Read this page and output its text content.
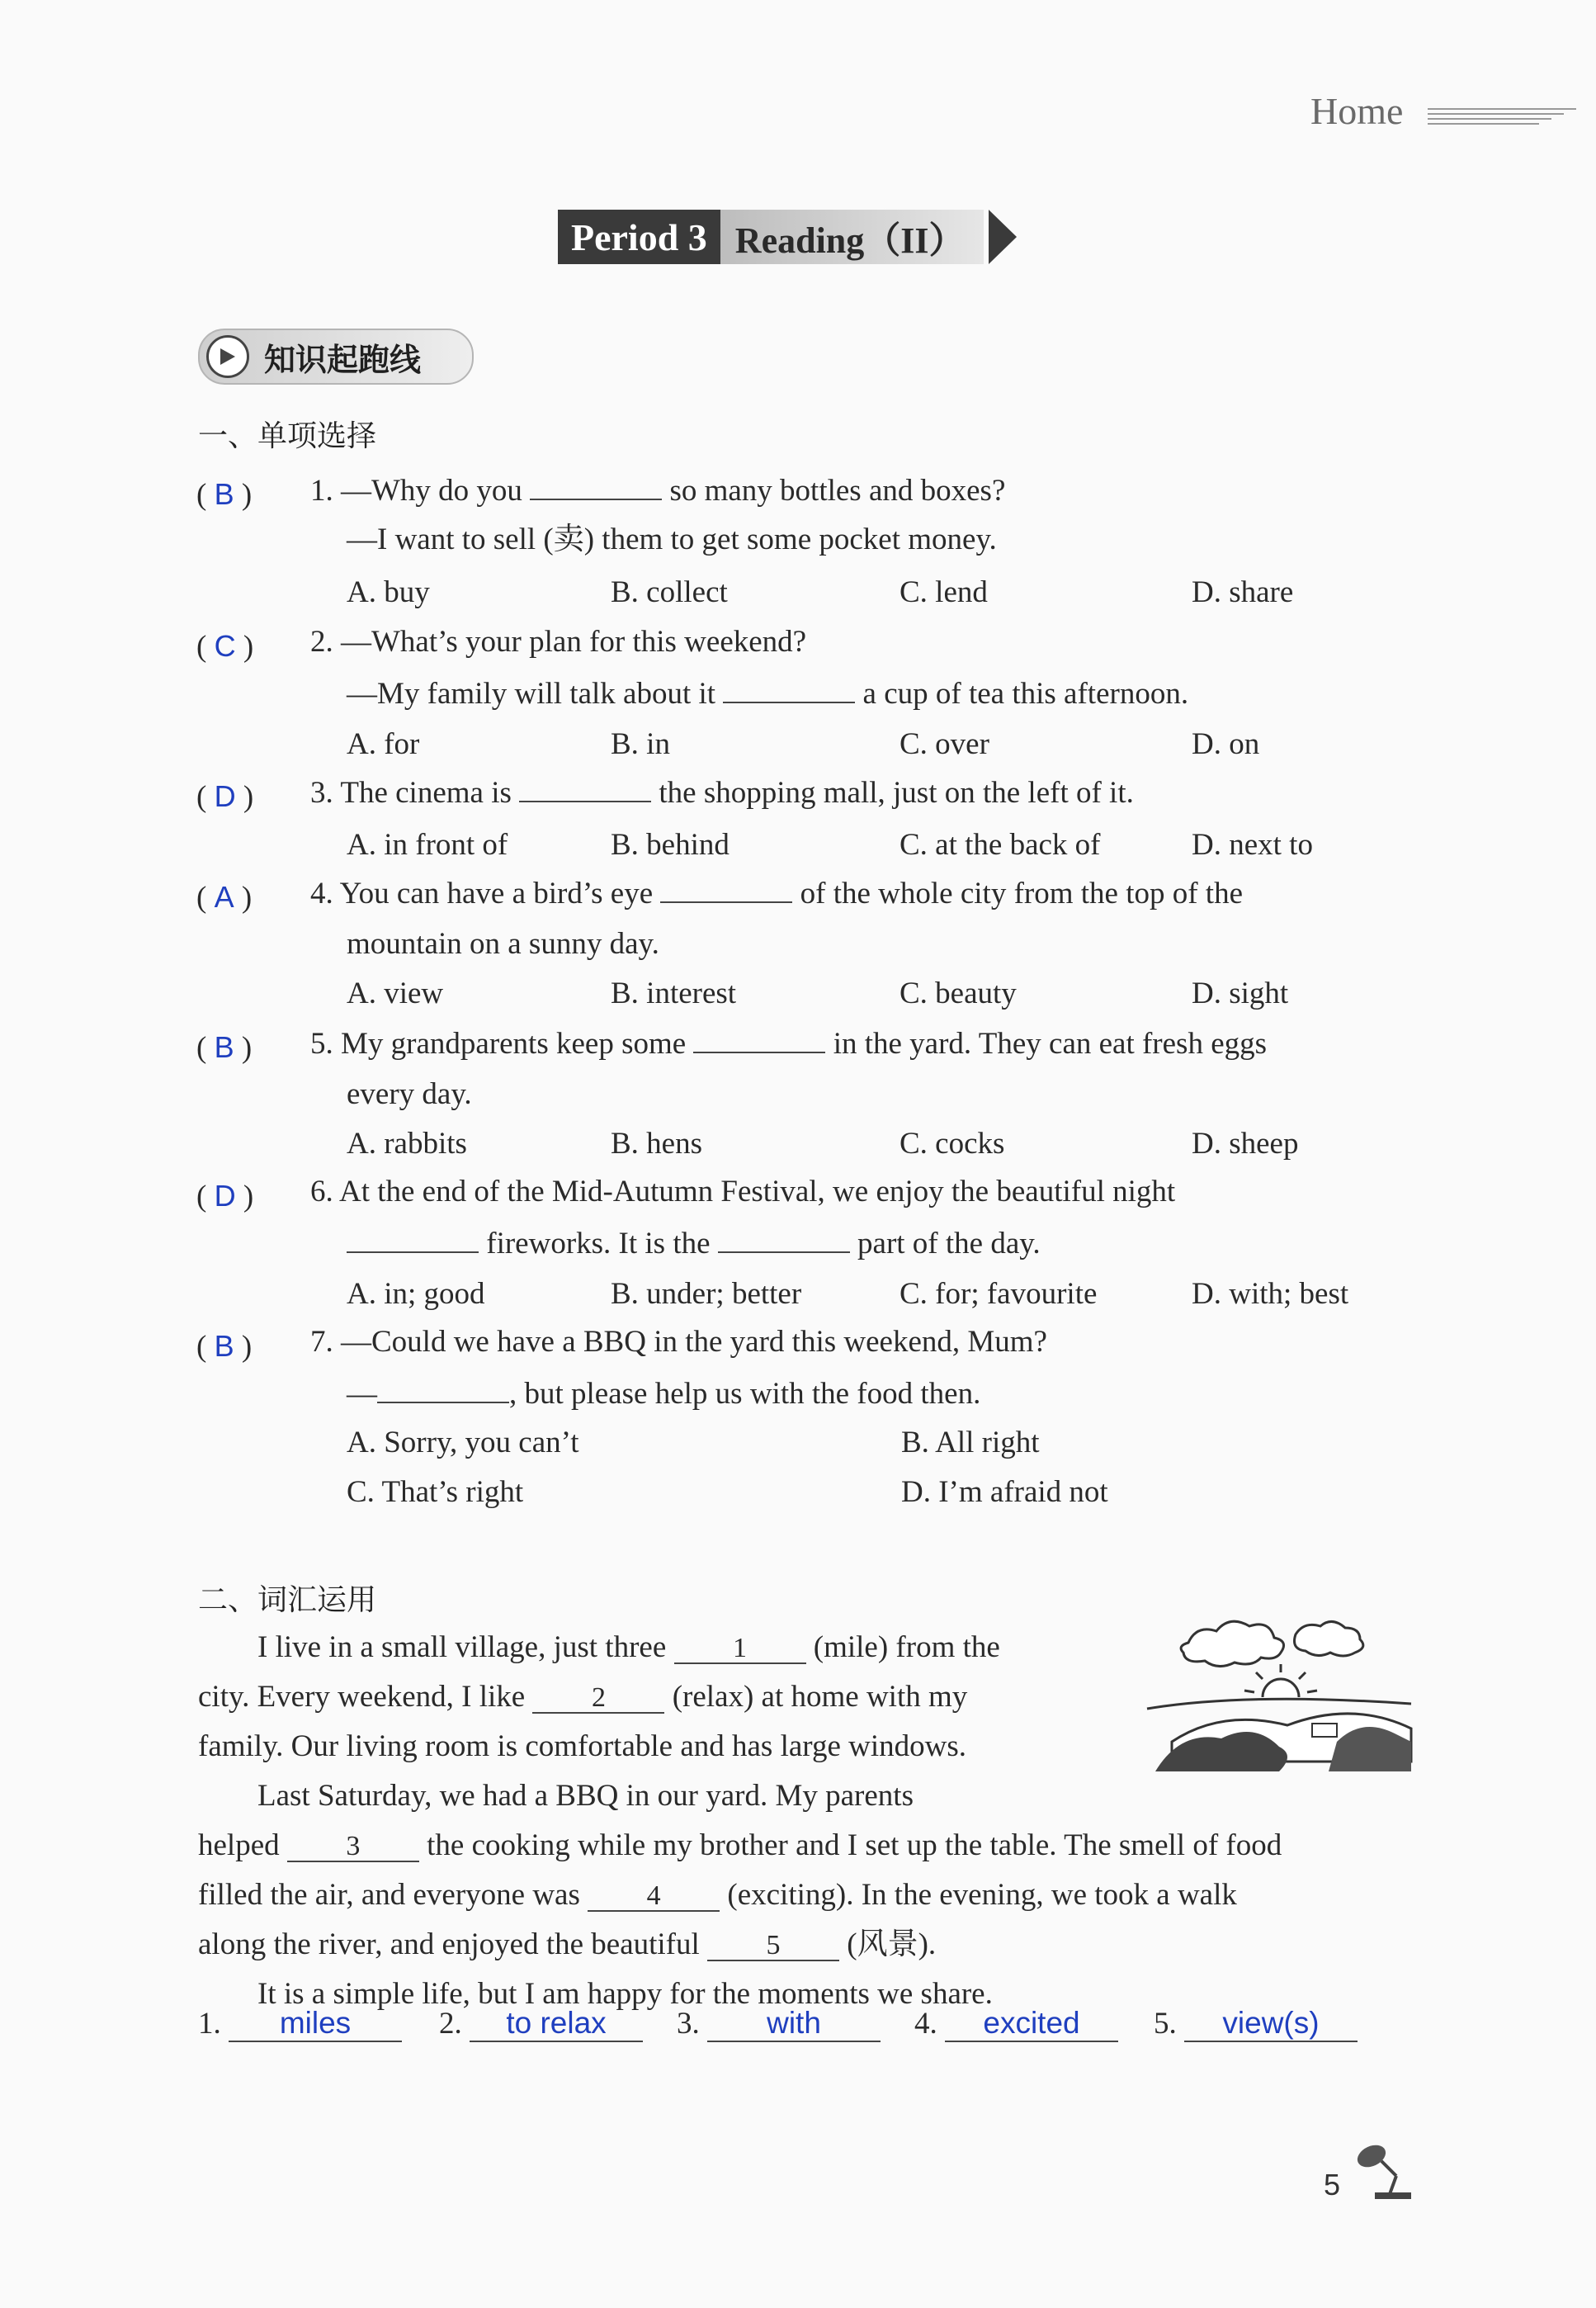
Home
Period 3 Reading（II）
知识起跑线
一、单项选择
( B ) 1. —Why do you	so many bottles and boxes?
—I want to sell (卖) them to get some pocket money.
A. buy	B. collect	C. lend	D. share
( C ) 2. —What’s your plan for this weekend?
—My family will talk about it	a cup of tea this afternoon.
A. for	B. in	C. over	D. on
( D ) 3. The cinema is	the shopping mall, just on the left of it.
A. in front of	B. behind	C. at the back of	D. next to
( A ) 4. You can have a bird’s eye	of the whole city from the top of the
mountain on a sunny day.
A. view	B. interest	C. beauty	D. sight
( B ) 5. My grandparents keep some	in the yard. They can eat fresh eggs
every day.
A. rabbits	B. hens	C. cocks	D. sheep
( D ) 6. At the end of the Mid-Autumn Festival, we enjoy the beautiful night
fireworks. It is the	part of the day.
A. in; good	B. under; better	C. for; favourite	D. with; best
( B ) 7. —Could we have a BBQ in the yard this weekend, Mum?
—	, but please help us with the food then.
A. Sorry, you can’t	B. All right
C. That’s right	D. I’m afraid not
二、词汇运用
I live in a small village, just three 1 (mile) from the
city. Every weekend, I like 2 (relax) at home with my
family. Our living room is comfortable and has large windows.
Last Saturday, we had a BBQ in our yard. My parents
helped 3 the cooking while my brother and I set up the table. The smell of food
filled the air, and everyone was 4 (exciting). In the evening, we took a walk
along the river, and enjoyed the beautiful 5 (风景).
It is a simple life, but I am happy for the moments we share.
1. miles	2. to relax	3. with	4. excited	5. view(s)
5
